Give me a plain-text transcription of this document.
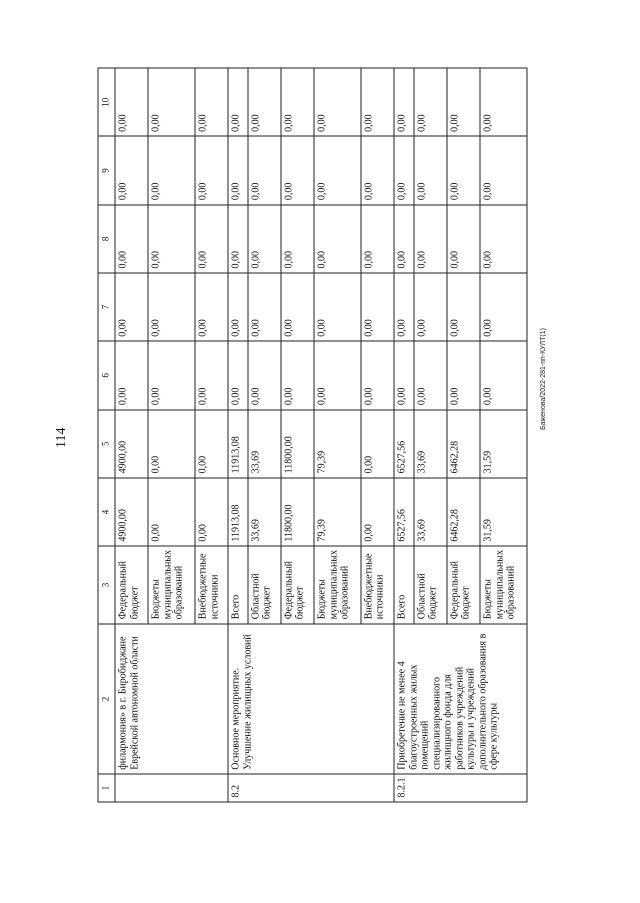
114
Баженова/2022-281-пп-КУЛТ(1)
1	2	3	4	5	6	7	8	9	10
	филармония» в г. Биробиджане Еврейской автономной области	Федеральный бюджет	4900,00	4900,00	0,00	0,00	0,00	0,00	0,00
		Бюджеты муниципальных образований	0,00	0,00	0,00	0,00	0,00	0,00	0,00
		Внебюджетные источники	0,00	0,00	0,00	0,00	0,00	0,00	0,00
8.2	Основное мероприятие. Улучшение жилищных условий	Всего	11913,08	11913,08	0,00	0,00	0,00	0,00	0,00
		Областной бюджет	33,69	33,69	0,00	0,00	0,00	0,00	0,00
		Федеральный бюджет	11800,00	11800,00	0,00	0,00	0,00	0,00	0,00
		Бюджеты муниципальных образований	79,39	79,39	0,00	0,00	0,00	0,00	0,00
		Внебюджетные источники	0,00	0,00	0,00	0,00	0,00	0,00	0,00
8.2.1	Приобретение не менее 4 благоустроенных жилых помещений специализированного жилищного фонда для работников учреждений культуры и учреждений дополнительного образования в сфере культуры	Всего	6527,56	6527,56	0,00	0,00	0,00	0,00	0,00
		Областной бюджет	33,69	33,69	0,00	0,00	0,00	0,00	0,00
		Федеральный бюджет	6462,28	6462,28	0,00	0,00	0,00	0,00	0,00
		Бюджеты муниципальных образований	31,59	31,59	0,00	0,00	0,00	0,00	0,00
